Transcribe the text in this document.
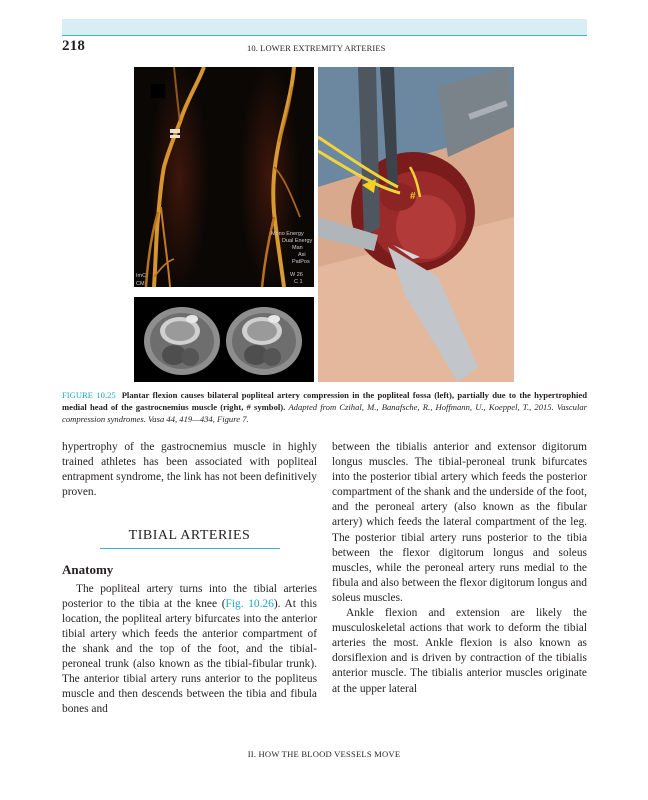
218	10. LOWER EXTREMITY ARTERIES
Mono Energy
Dual Energy
Man
Asi
PatPos
W 26
C 1
ImC
CM
#
FIGURE 10.25 Plantar flexion causes bilateral popliteal artery compression in the popliteal fossa (left), partially due to the hypertrophied medial head of the gastrocnemius muscle (right, # symbol). Adapted from Czihal, M., Banafsche, R., Hoffmann, U., Koeppel, T., 2015. Vascular compression syndromes. Vasa 44, 419—434, Figure 7.

hypertrophy of the gastrocnemius muscle in highly trained athletes has been associated with popliteal entrapment syndrome, the link has not been definitively proven.

TIBIAL ARTERIES
Anatomy

The popliteal artery turns into the tibial arteries posterior to the tibia at the knee (Fig. 10.26). At this location, the popliteal artery bifurcates into the anterior tibial artery which feeds the anterior compartment of the shank and the top of the foot, and the tibial-peroneal trunk (also known as the tibial-fibular trunk). The anterior tibial artery runs anterior to the popliteus muscle and then descends between the tibia and fibula bones and

between the tibialis anterior and extensor digitorum longus muscles. The tibial-peroneal trunk bifurcates into the posterior tibial artery which feeds the posterior compartment of the shank and the underside of the foot, and the peroneal artery (also known as the fibular artery) which feeds the lateral compartment of the leg. The posterior tibial artery runs posterior to the tibia between the flexor digitorum longus and soleus muscles, while the peroneal artery runs medial to the fibula and also between the flexor digitorum longus and soleus muscles.

Ankle flexion and extension are likely the musculoskeletal actions that work to deform the tibial arteries the most. Ankle flexion is also known as dorsiflexion and is driven by contraction of the tibialis anterior muscle. The tibialis anterior muscles originate at the upper lateral

II. HOW THE BLOOD VESSELS MOVE
